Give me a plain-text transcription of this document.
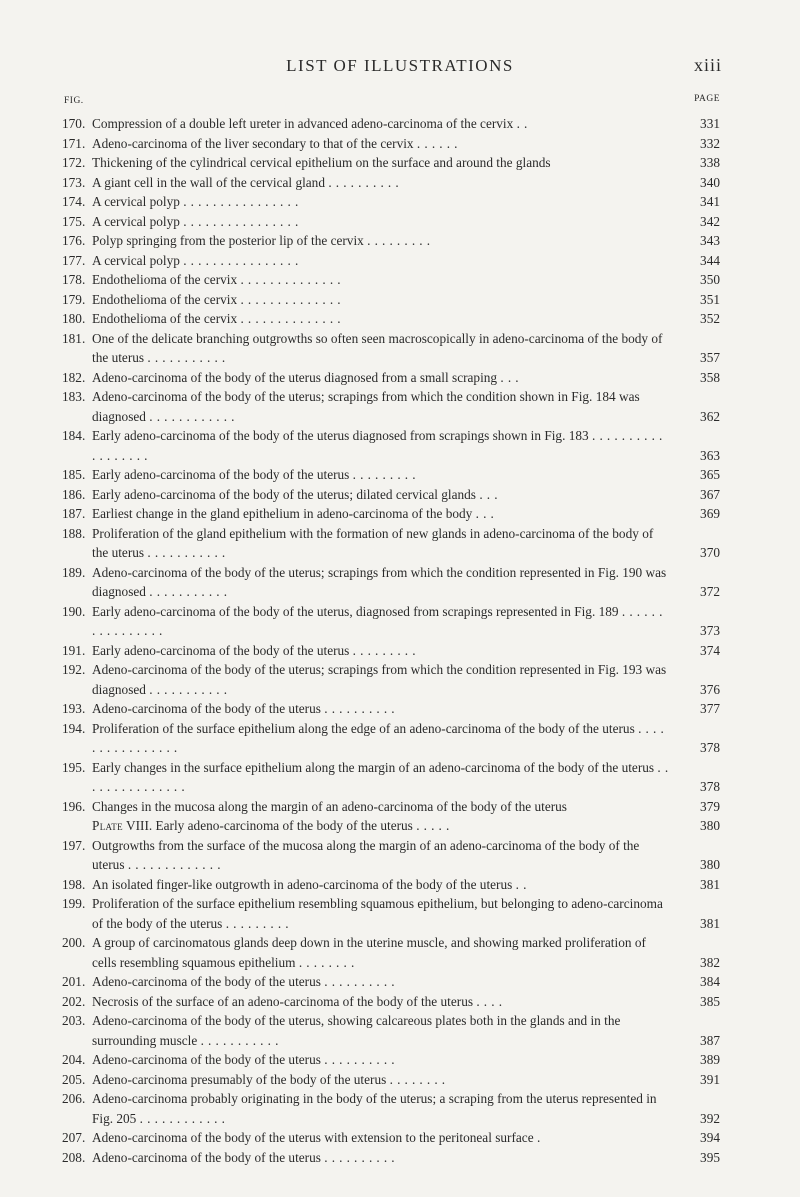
LIST OF ILLUSTRATIONS	xiii
FIG.	PAGE
170. Compression of a double left ureter in advanced adeno-carcinoma of the cervix . .	331
171. Adeno-carcinoma of the liver secondary to that of the cervix . . . . . .	332
172. Thickening of the cylindrical cervical epithelium on the surface and around the glands	338
173. A giant cell in the wall of the cervical gland . . . . . . . . . .	340
174. A cervical polyp . . . . . . . . . . . . . . . .	341
175. A cervical polyp . . . . . . . . . . . . . . . .	342
176. Polyp springing from the posterior lip of the cervix . . . . . . . . .	343
177. A cervical polyp . . . . . . . . . . . . . . . .	344
178. Endothelioma of the cervix . . . . . . . . . . . . . .	350
179. Endothelioma of the cervix . . . . . . . . . . . . . .	351
180. Endothelioma of the cervix . . . . . . . . . . . . . .	352
181. One of the delicate branching outgrowths so often seen macroscopically in adeno-carcinoma of the body of the uterus . . . . . . . . . . .	357
182. Adeno-carcinoma of the body of the uterus diagnosed from a small scraping . . .	358
183. Adeno-carcinoma of the body of the uterus; scrapings from which the condition shown in Fig. 184 was diagnosed . . . . . . . . . . . .	362
184. Early adeno-carcinoma of the body of the uterus diagnosed from scrapings shown in Fig. 183 . . . . . . . . . . . . . . . . . .	363
185. Early adeno-carcinoma of the body of the uterus . . . . . . . . .	365
186. Early adeno-carcinoma of the body of the uterus; dilated cervical glands . . .	367
187. Earliest change in the gland epithelium in adeno-carcinoma of the body . . .	369
188. Proliferation of the gland epithelium with the formation of new glands in adeno-carcinoma of the body of the uterus . . . . . . . . . . .	370
189. Adeno-carcinoma of the body of the uterus; scrapings from which the condition represented in Fig. 190 was diagnosed . . . . . . . . . . .	372
190. Early adeno-carcinoma of the body of the uterus, diagnosed from scrapings represented in Fig. 189 . . . . . . . . . . . . . . . .	373
191. Early adeno-carcinoma of the body of the uterus . . . . . . . . .	374
192. Adeno-carcinoma of the body of the uterus; scrapings from which the condition represented in Fig. 193 was diagnosed . . . . . . . . . . .	376
193. Adeno-carcinoma of the body of the uterus . . . . . . . . . .	377
194. Proliferation of the surface epithelium along the edge of an adeno-carcinoma of the body of the uterus . . . . . . . . . . . . . . . .	378
195. Early changes in the surface epithelium along the margin of an adeno-carcinoma of the body of the uterus . . . . . . . . . . . . . . .	378
196. Changes in the mucosa along the margin of an adeno-carcinoma of the body of the uterus	379
Plate VIII. Early adeno-carcinoma of the body of the uterus . . . . .	380
197. Outgrowths from the surface of the mucosa along the margin of an adeno-carcinoma of the body of the uterus . . . . . . . . . . . . .	380
198. An isolated finger-like outgrowth in adeno-carcinoma of the body of the uterus . .	381
199. Proliferation of the surface epithelium resembling squamous epithelium, but belonging to adeno-carcinoma of the body of the uterus . . . . . . . . .	381
200. A group of carcinomatous glands deep down in the uterine muscle, and showing marked proliferation of cells resembling squamous epithelium . . . . . . . .	382
201. Adeno-carcinoma of the body of the uterus . . . . . . . . . .	384
202. Necrosis of the surface of an adeno-carcinoma of the body of the uterus . . . .	385
203. Adeno-carcinoma of the body of the uterus, showing calcareous plates both in the glands and in the surrounding muscle . . . . . . . . . . .	387
204. Adeno-carcinoma of the body of the uterus . . . . . . . . . .	389
205. Adeno-carcinoma presumably of the body of the uterus . . . . . . . .	391
206. Adeno-carcinoma probably originating in the body of the uterus; a scraping from the uterus represented in Fig. 205 . . . . . . . . . . . .	392
207. Adeno-carcinoma of the body of the uterus with extension to the peritoneal surface .	394
208. Adeno-carcinoma of the body of the uterus . . . . . . . . . .	395
